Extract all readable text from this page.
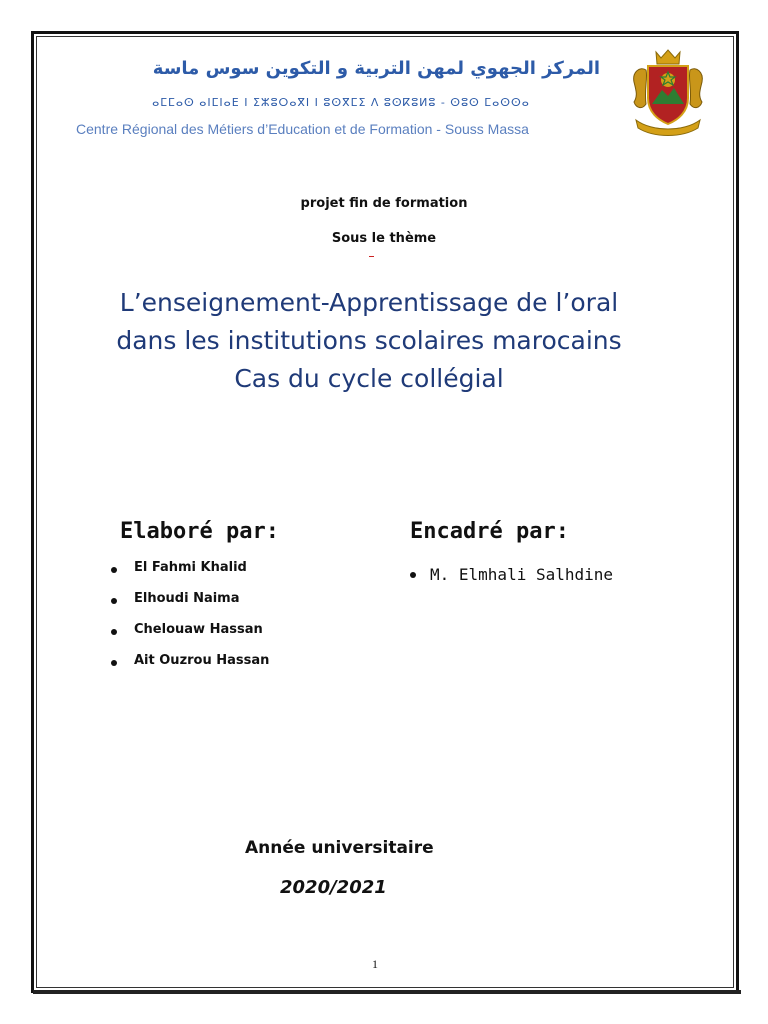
المركز الجهوي لمهن التربية و التكوين سوس ماسة
ⴰⵎⵎⴰⵙ ⴰⵏⵎⵏⴰⴹ ⵏ ⵉⵣⵓⵔⴰⴳⵏ ⵏ ⵓⵙⴳⵎⵉ ⴷ ⵓⵙⴽⵓⵍⵓ - ⵙⵓⵙ ⵎⴰⵙⵙⴰ
Centre Régional des Métiers d’Education et de Formation - Souss Massa
projet fin de formation
Sous le thème
L’enseignement-Apprentissage de l’oral
dans les institutions scolaires marocains
Cas du cycle collégial
Elaboré par:	Encadré par:
El Fahmi Khalid
Elhoudi Naima
Chelouaw Hassan
Ait Ouzrou Hassan
M. Elmhali Salhdine
Année universitaire
2020/2021
1
